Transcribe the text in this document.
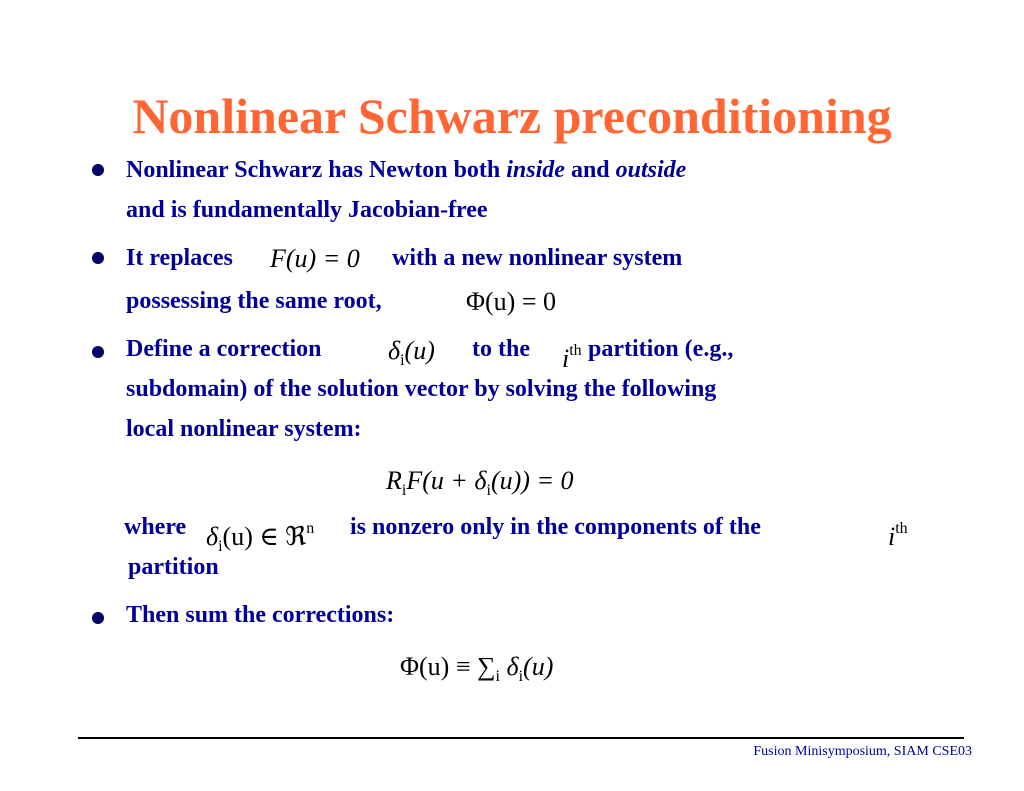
Nonlinear Schwarz preconditioning
Nonlinear Schwarz has Newton both inside and outside
and is fundamentally Jacobian-free
It replaces F(u) = 0 with a new nonlinear system
possessing the same root,	Φ(u) = 0
Define a correction	$\delta_i(u)$ to the $i^{th}$ partition (e.g.,
subdomain) of the solution vector by solving the following
local nonlinear system:
$R_iF(u + \delta_i(u)) = 0$
where $\delta_i(u)$ ∈ ℜ$^n$ is nonzero only in the components of the	$i^{th}$
partition
Then sum the corrections:
$\Phi(u) \equiv \sum_i$ $\delta_i(u)$
Fusion Minisymposium, SIAM CSE03
